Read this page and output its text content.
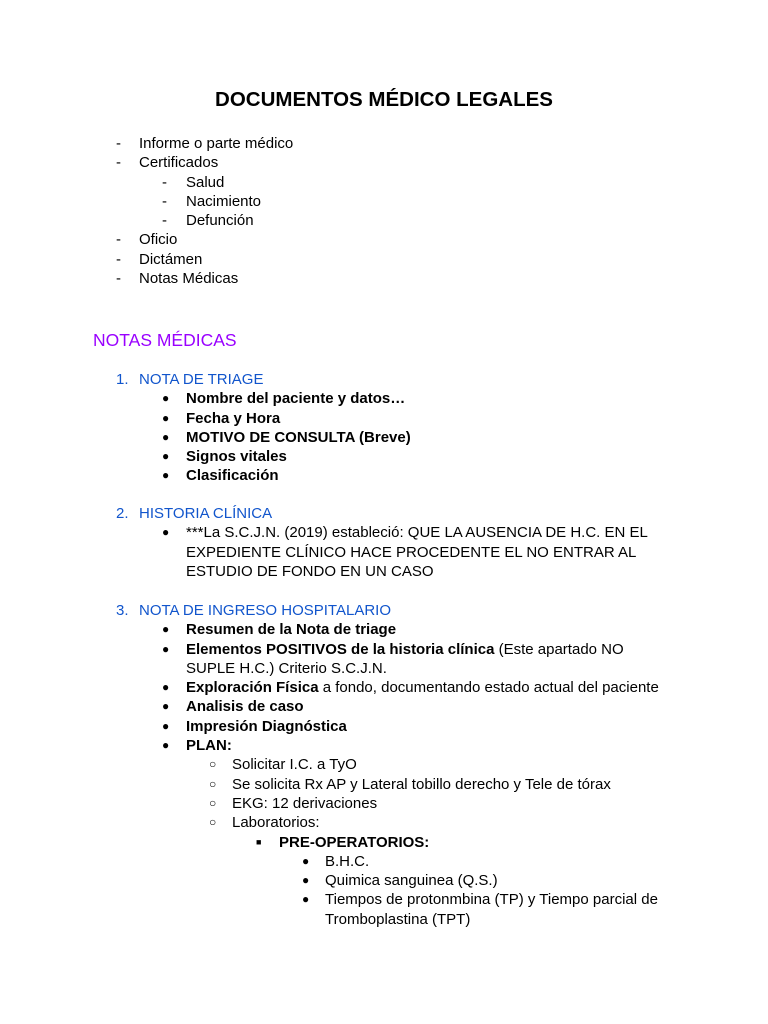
DOCUMENTOS MÉDICO LEGALES
- Informe o parte médico
- Certificados
- Salud
- Nacimiento
- Defunción
- Oficio
- Dictámen
- Notas Médicas
NOTAS MÉDICAS
1. NOTA DE TRIAGE
● Nombre del paciente y datos…
● Fecha y Hora
● MOTIVO DE CONSULTA (Breve)
● Signos vitales
● Clasificación
2. HISTORIA CLÍNICA
● ***La S.C.J.N. (2019) estableció: QUE LA AUSENCIA DE H.C. EN EL EXPEDIENTE CLÍNICO HACE PROCEDENTE EL NO ENTRAR AL ESTUDIO DE FONDO EN UN CASO
3. NOTA DE INGRESO HOSPITALARIO
● Resumen de la Nota de triage
● Elementos POSITIVOS de la historia clínica (Este apartado NO SUPLE H.C.) Criterio S.C.J.N.
● Exploración Física a fondo, documentando estado actual del paciente
● Analisis de caso
● Impresión Diagnóstica
● PLAN:
○ Solicitar I.C. a TyO
○ Se solicita Rx AP y Lateral tobillo derecho y Tele de tórax
○ EKG: 12 derivaciones
○ Laboratorios:
■ PRE-OPERATORIOS:
● B.H.C.
● Quimica sanguinea (Q.S.)
● Tiempos de protonmbina (TP) y Tiempo parcial de Tromboplastina (TPT)
